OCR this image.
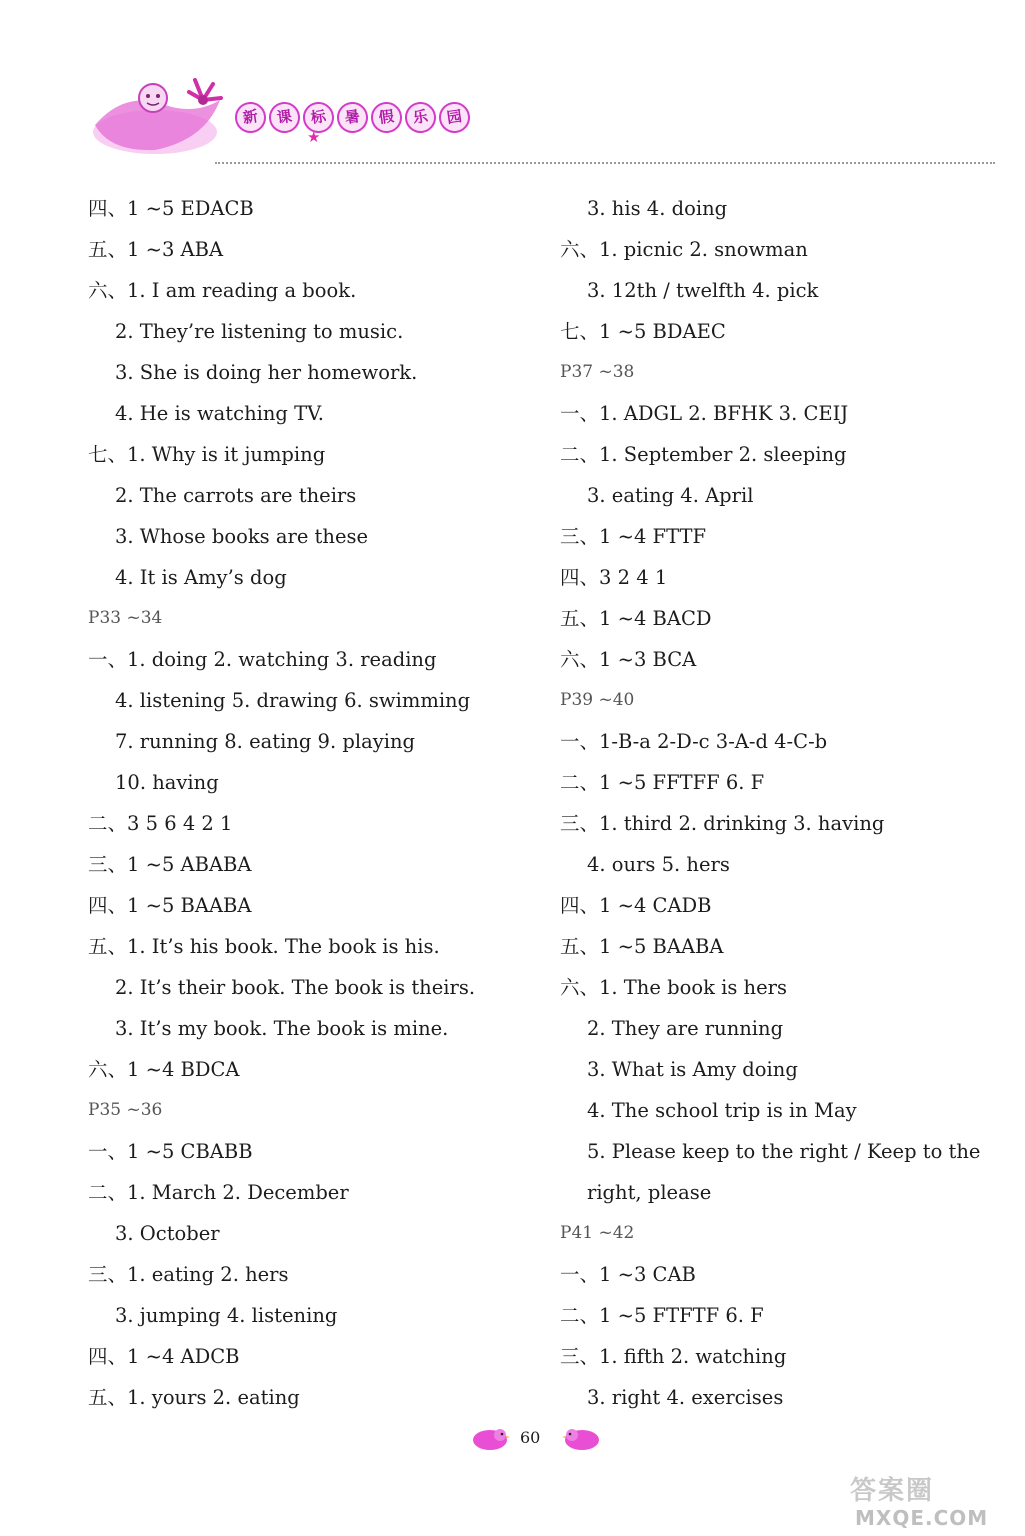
新	课	标	暑	假	乐	园
★
四、1 ~5 EDACB
五、1 ~3 ABA
六、1. I am reading a book.
2. They’re listening to music.
3. She is doing her homework.
4. He is watching TV.
七、1. Why is it jumping
2. The carrots are theirs
3. Whose books are these
4. It is Amy’s dog
P33 ~34
一、1. doing 2. watching 3. reading
4. listening 5. drawing 6. swimming
7. running 8. eating 9. playing
10. having
二、3 5 6 4 2 1
三、1 ~5 ABABA
四、1 ~5 BAABA
五、1. It’s his book. The book is his.
2. It’s their book. The book is theirs.
3. It’s my book. The book is mine.
六、1 ~4 BDCA
P35 ~36
一、1 ~5 CBABB
二、1. March 2. December
3. October
三、1. eating 2. hers
3. jumping 4. listening
四、1 ~4 ADCB
五、1. yours 2. eating
3. his 4. doing
六、1. picnic 2. snowman
3. 12th / twelfth 4. pick
七、1 ~5 BDAEC
P37 ~38
一、1. ADGL 2. BFHK 3. CEIJ
二、1. September 2. sleeping
3. eating 4. April
三、1 ~4 FTTF
四、3 2 4 1
五、1 ~4 BACD
六、1 ~3 BCA
P39 ~40
一、1-B-a 2-D-c 3-A-d 4-C-b
二、1 ~5 FFTFF 6. F
三、1. third 2. drinking 3. having
4. ours 5. hers
四、1 ~4 CADB
五、1 ~5 BAABA
六、1. The book is hers
2. They are running
3. What is Amy doing
4. The school trip is in May
5. Please keep to the right / Keep to the
right, please
P41 ~42
一、1 ~3 CAB
二、1 ~5 FTFTF 6. F
三、1. fifth 2. watching
3. right 4. exercises
60
答案圈
MXQE.COM
